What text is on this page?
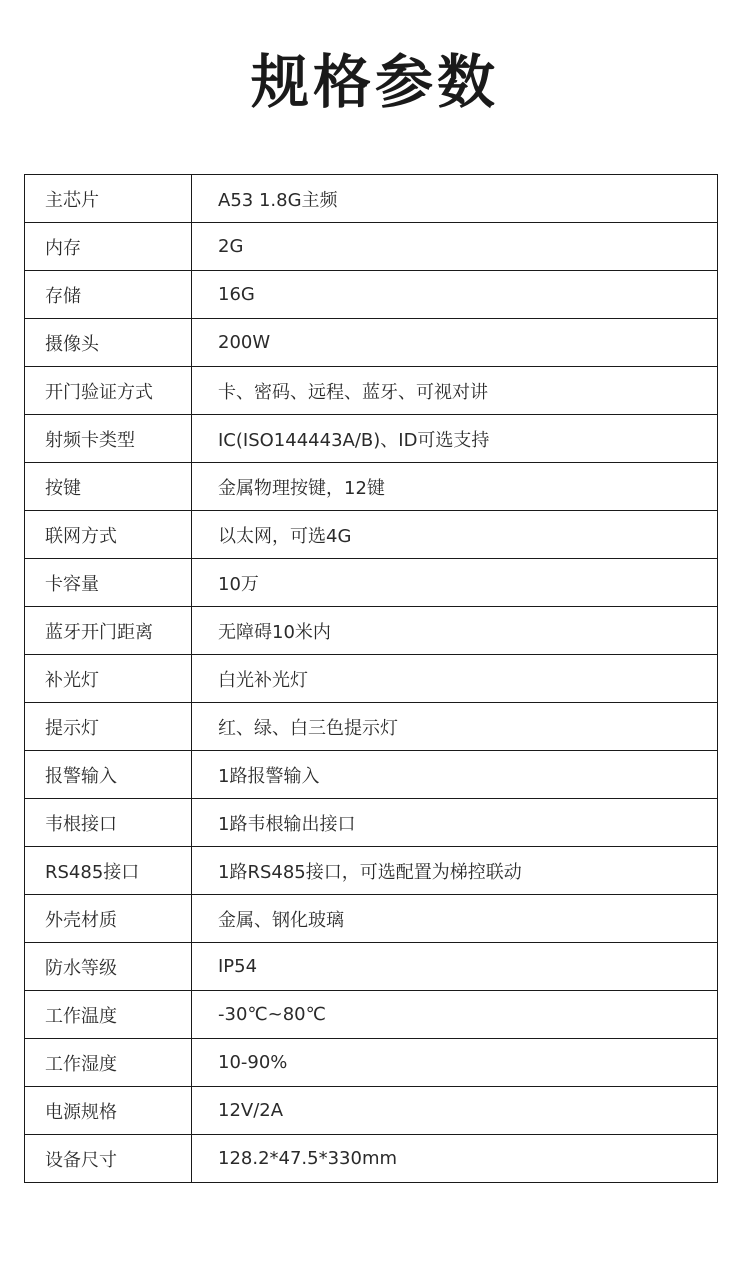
规格参数
主芯片	A53 1.8G主频
内存	2G
存储	16G
摄像头	200W
开门验证方式	卡、密码、远程、蓝牙、可视对讲
射频卡类型	IC(ISO144443A/B)、ID可选支持
按键	金属物理按键，12键
联网方式	以太网，可选4G
卡容量	10万
蓝牙开门距离	无障碍10米内
补光灯	白光补光灯
提示灯	红、绿、白三色提示灯
报警输入	1路报警输入
韦根接口	1路韦根输出接口
RS485接口	1路RS485接口，可选配置为梯控联动
外壳材质	金属、钢化玻璃
防水等级	IP54
工作温度	-30℃~80℃
工作湿度	10-90%
电源规格	12V/2A
设备尺寸	128.2*47.5*330mm
